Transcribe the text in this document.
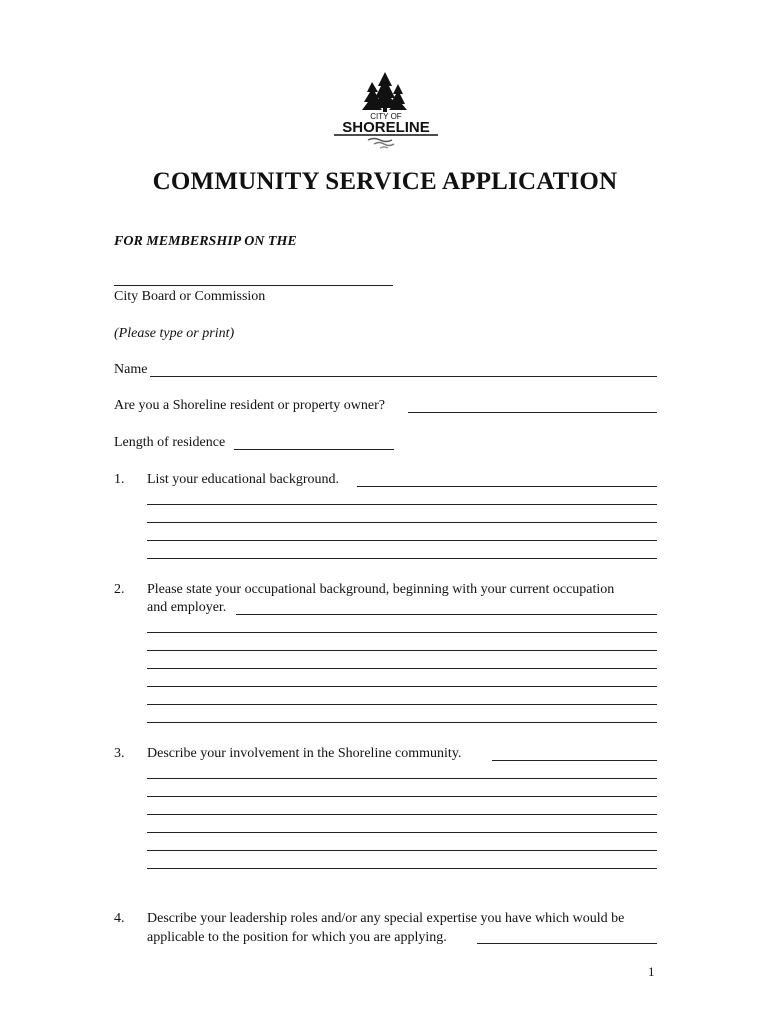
CITY OF
SHORELINE
COMMUNITY SERVICE APPLICATION
FOR MEMBERSHIP ON THE
City Board or Commission
(Please type or print)
Name
Are you a Shoreline resident or property owner?
Length of residence
1. List your educational background.
2. Please state your occupational background, beginning with your current occupation
and employer.
3. Describe your involvement in the Shoreline community.
4. Describe your leadership roles and/or any special expertise you have which would be
applicable to the position for which you are applying.
1
